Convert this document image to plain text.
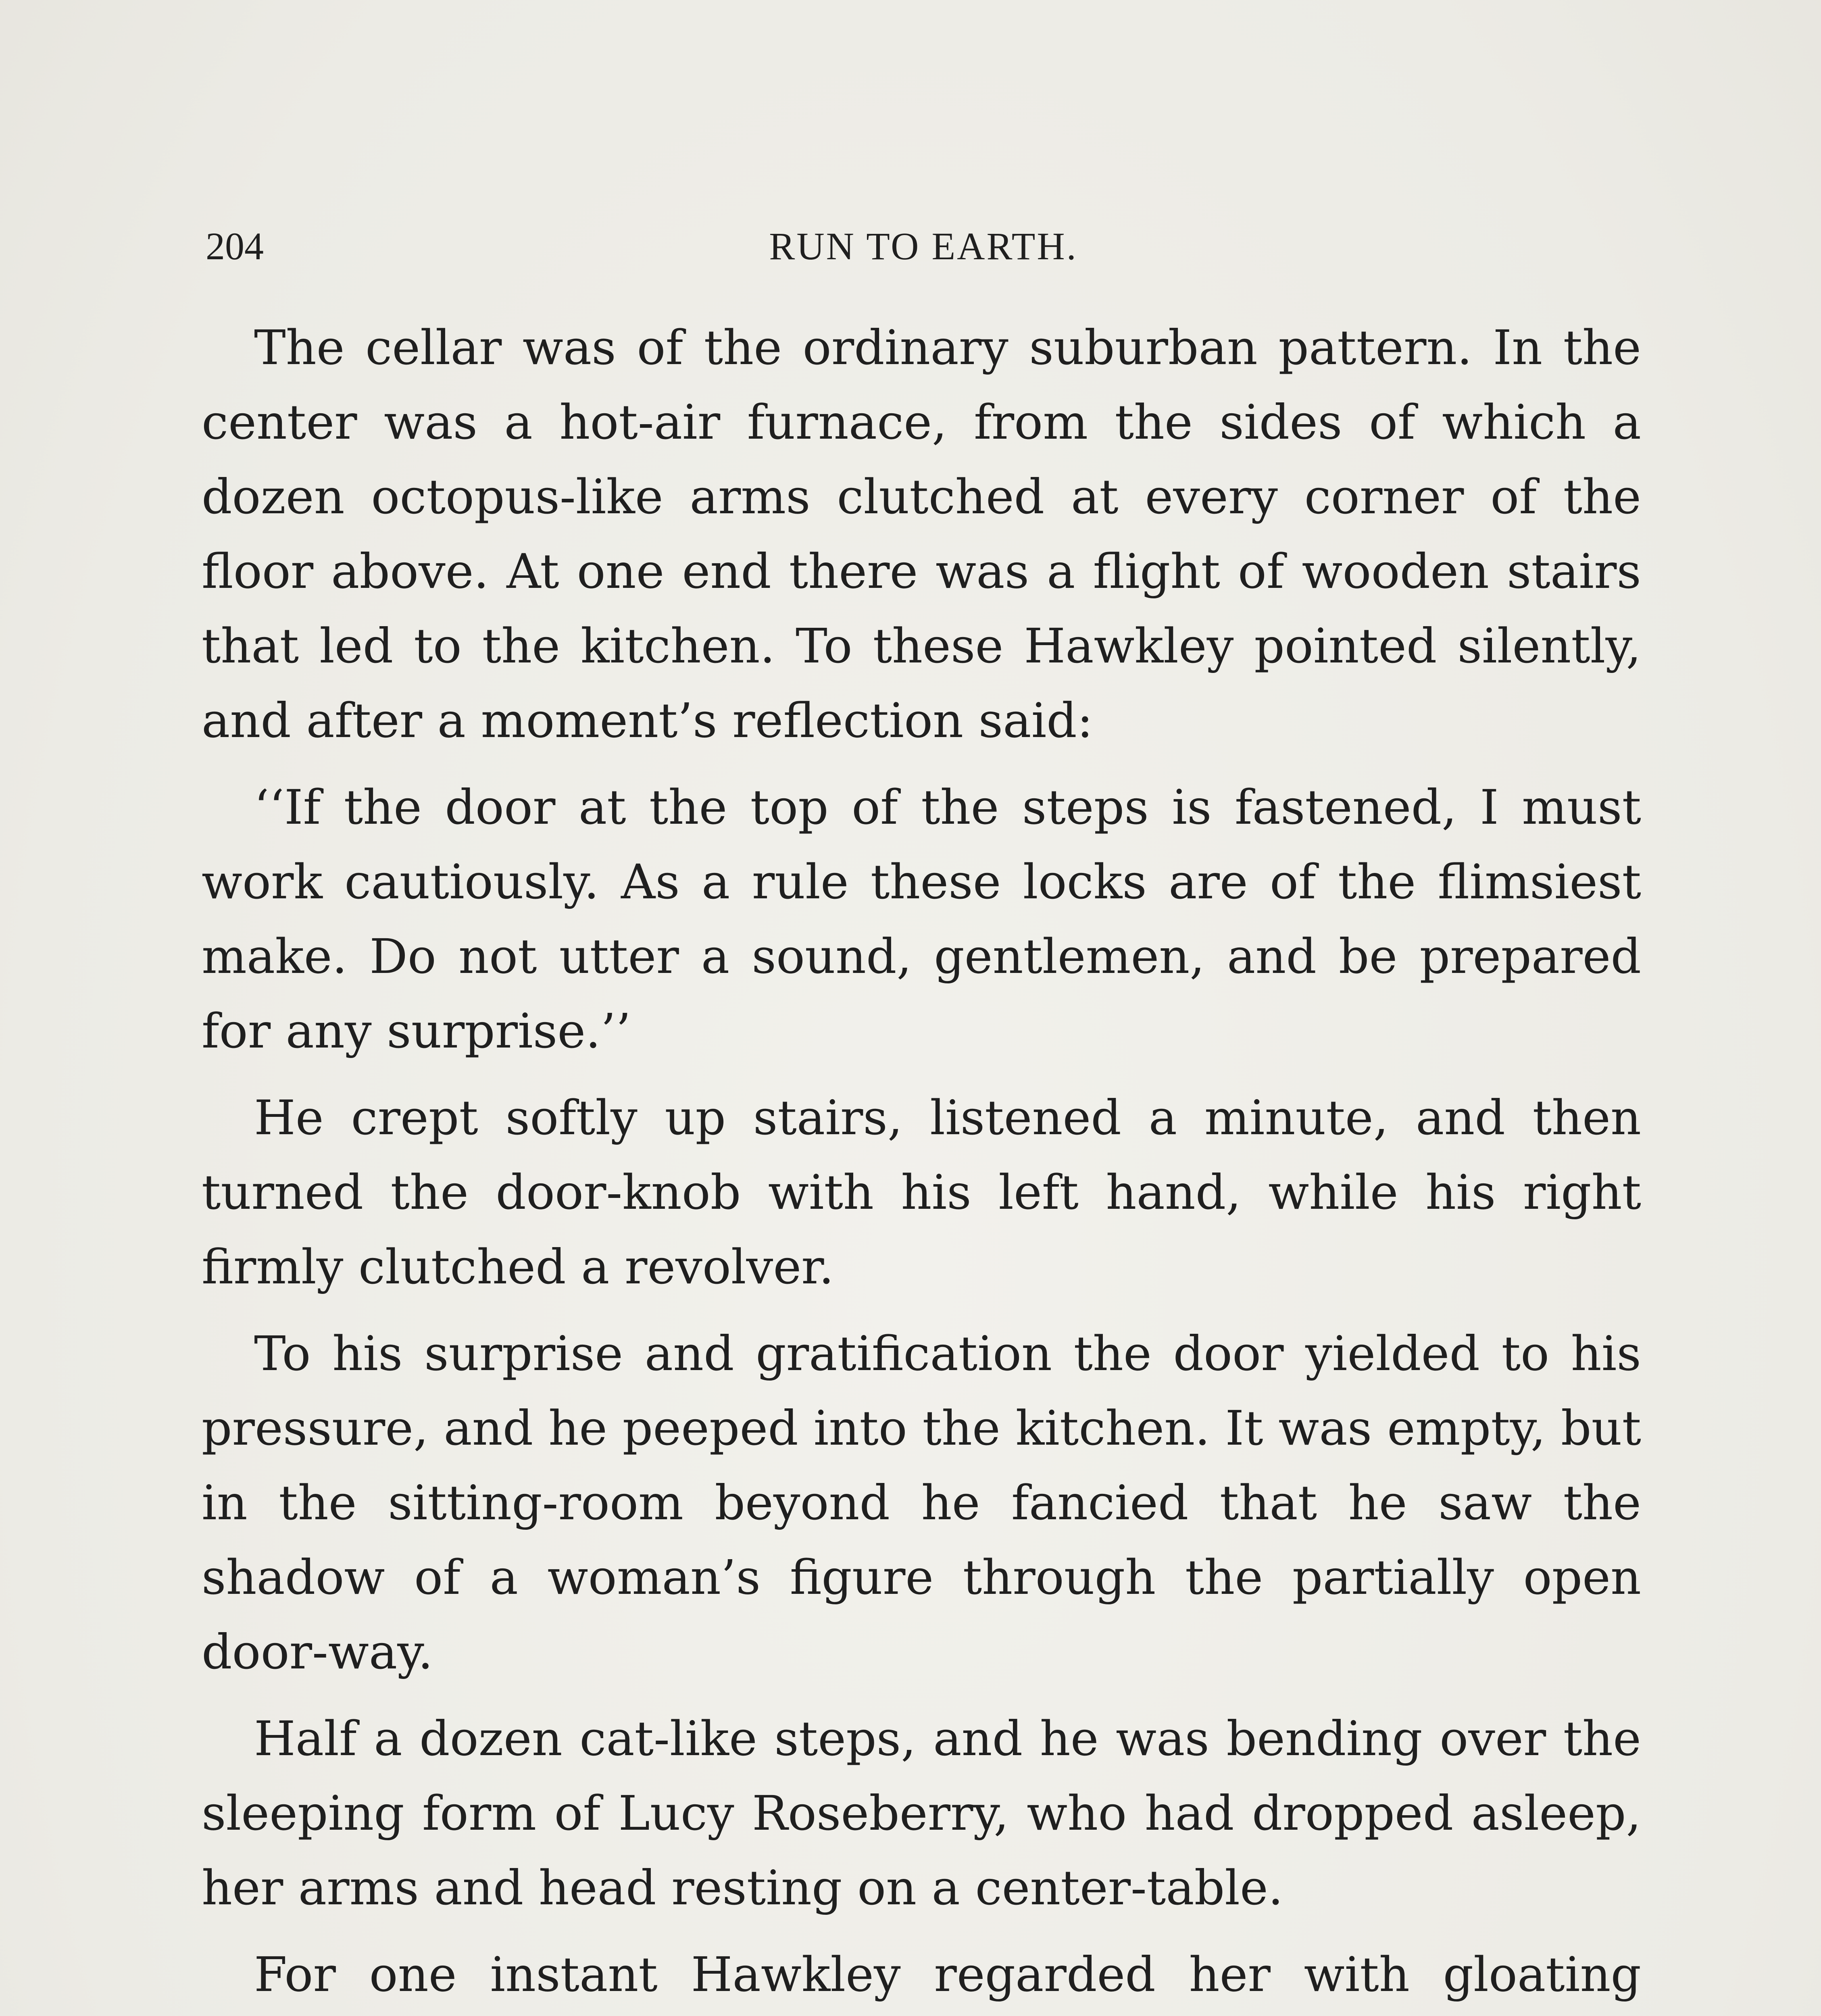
204	RUN TO EARTH.

The cellar was of the ordinary suburban pattern. In the center was a hot-air furnace, from the sides of which a dozen octopus-like arms clutched at every corner of the floor above. At one end there was a flight of wooden stairs that led to the kitchen. To these Hawkley pointed silently, and after a moment’s reflection said:

‘‘If the door at the top of the steps is fastened, I must work cautiously. As a rule these locks are of the flimsiest make. Do not utter a sound, gentlemen, and be prepared for any surprise.’’

He crept softly up stairs, listened a minute, and then turned the door-knob with his left hand, while his right firmly clutched a revolver.

To his surprise and gratification the door yielded to his pressure, and he peeped into the kitchen. It was empty, but in the sitting-room beyond he fancied that he saw the shadow of a woman’s figure through the partially open door-way.

Half a dozen cat-like steps, and he was bending over the sleeping form of Lucy Roseberry, who had dropped asleep, her arms and head resting on a center-table.

For one instant Hawkley regarded her with gloating
